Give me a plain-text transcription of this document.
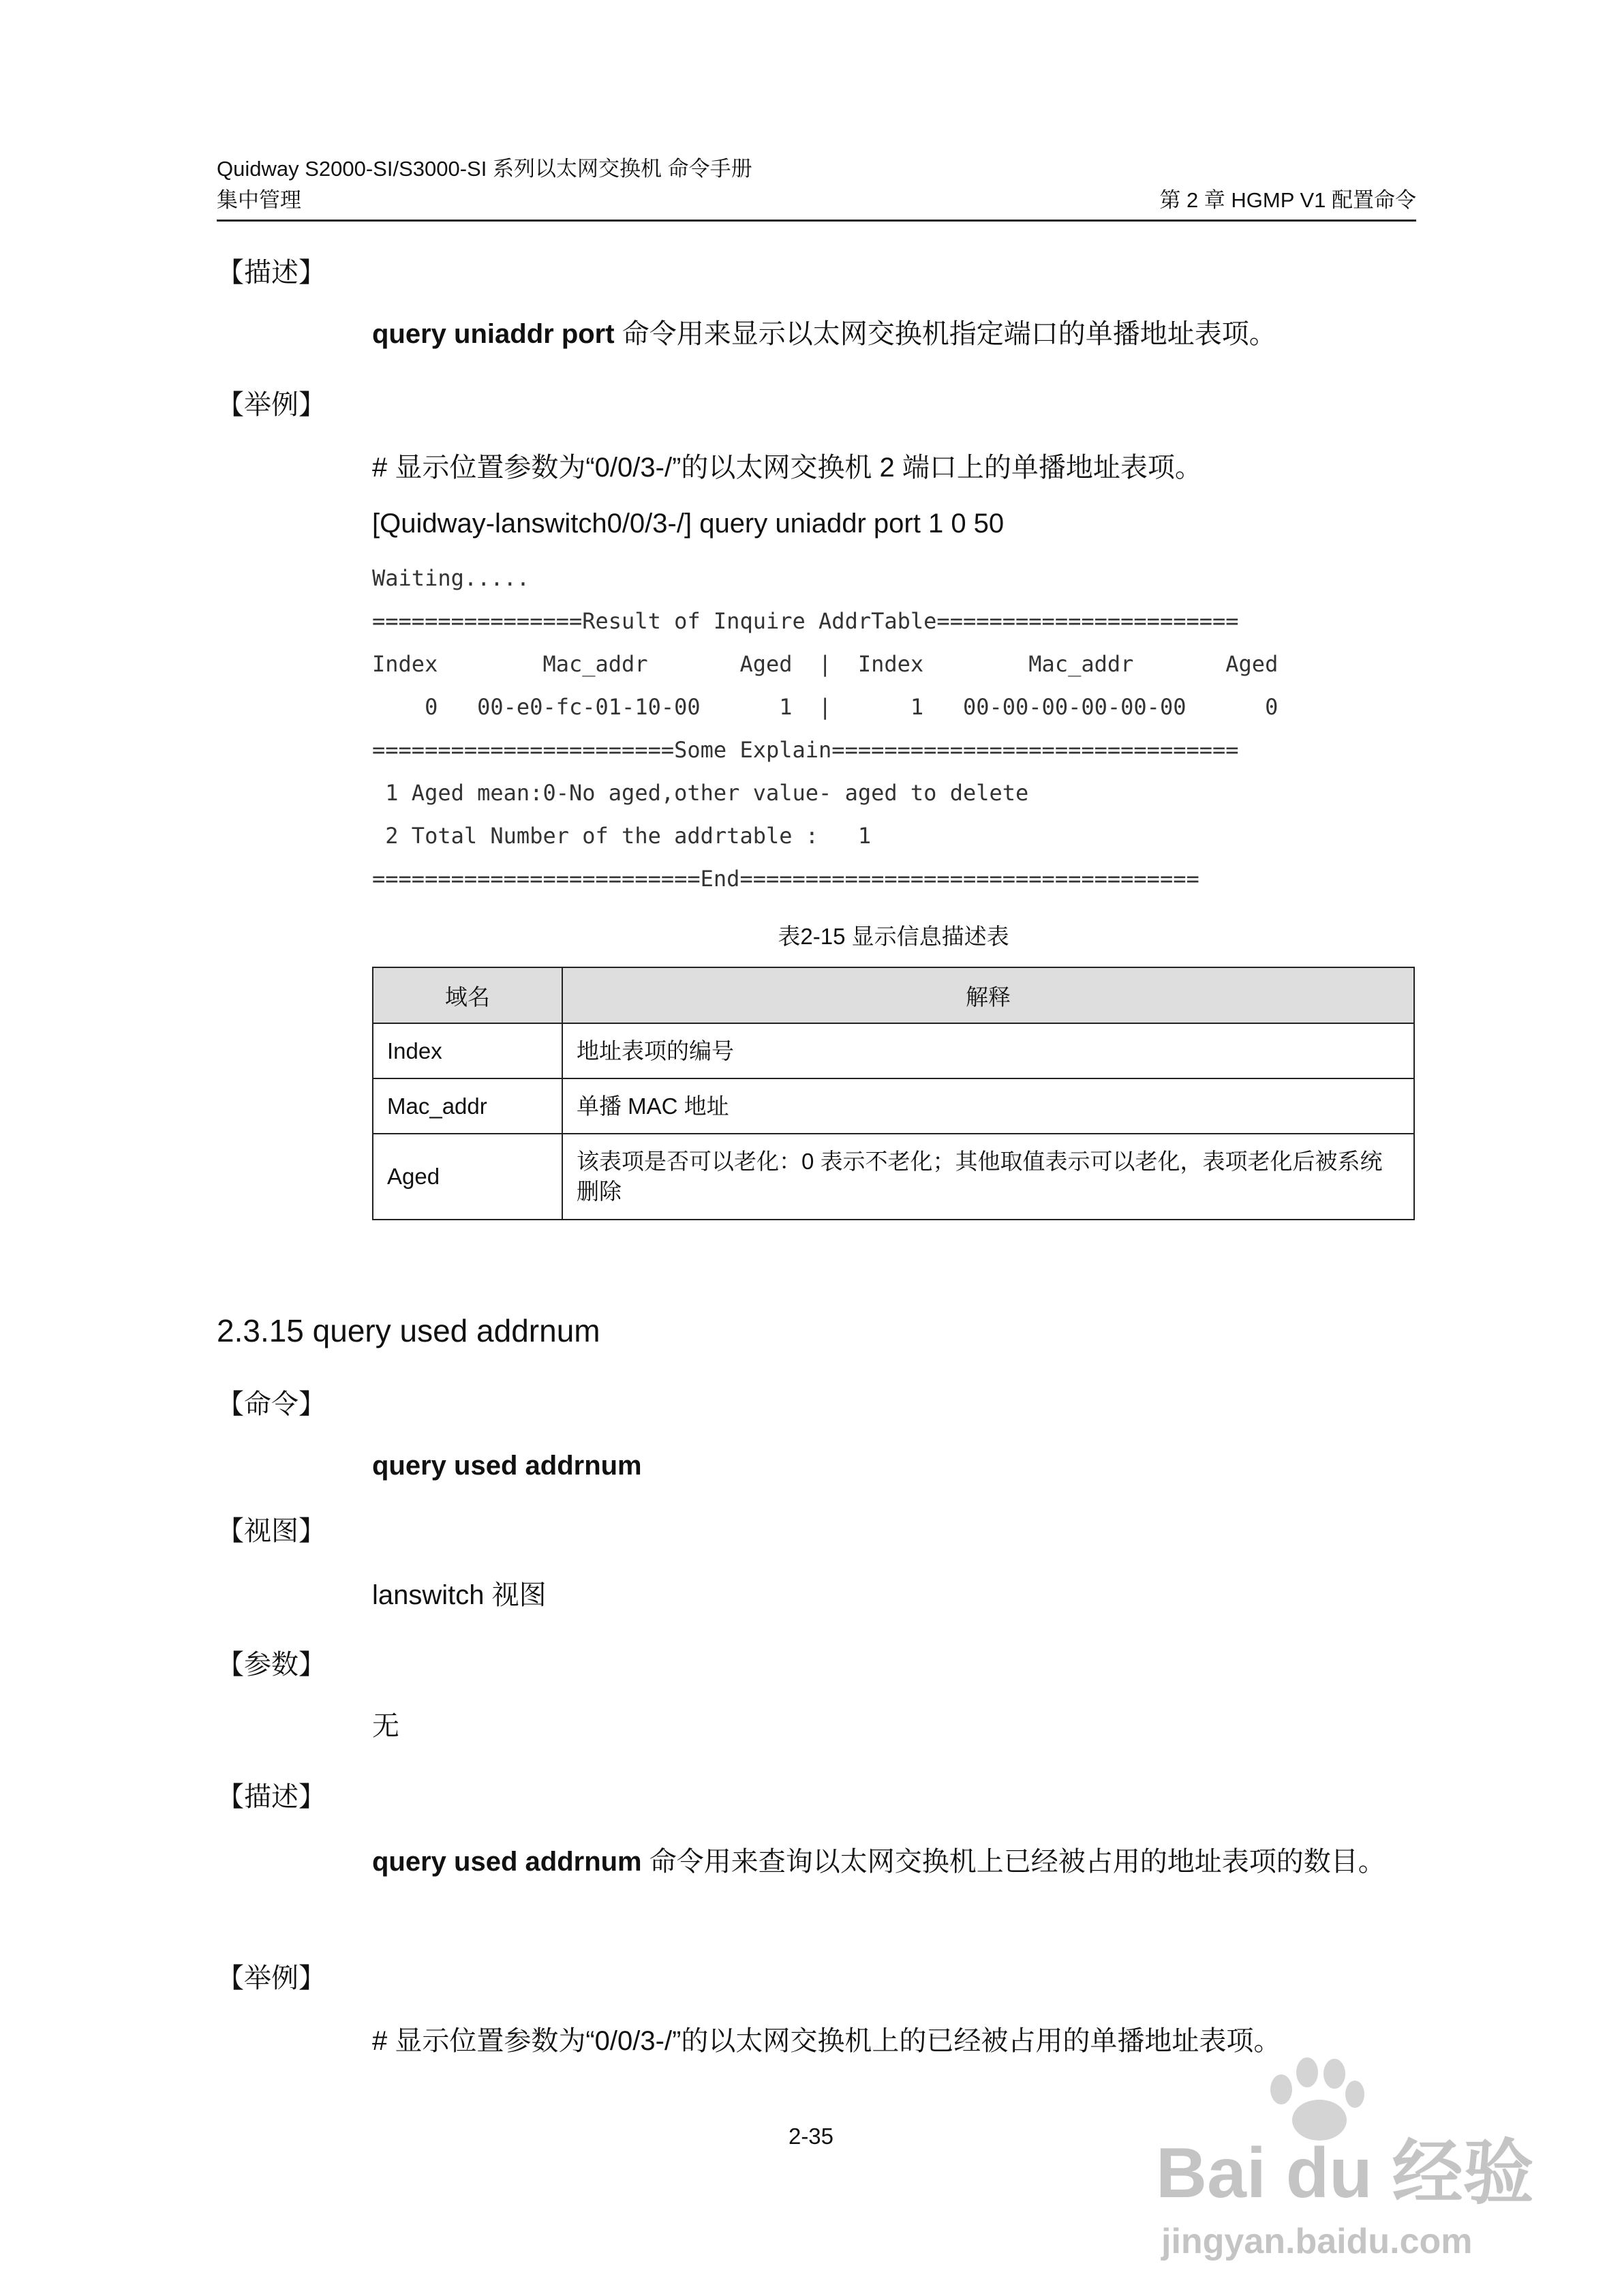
Quidway S2000-SI/S3000-SI 系列以太网交换机 命令手册
集中管理	第 2 章 HGMP V1 配置命令
【描述】
query uniaddr port 命令用来显示以太网交换机指定端口的单播地址表项。
【举例】
# 显示位置参数为“0/0/3-/”的以太网交换机 2 端口上的单播地址表项。
[Quidway-lanswitch0/0/3-/] query uniaddr port 1 0 50
Waiting.....
================Result of Inquire AddrTable=======================
Index        Mac_addr       Aged  |  Index        Mac_addr       Aged
0   00-e0-fc-01-10-00      1  |      1   00-00-00-00-00-00      0
=======================Some Explain===============================
1 Aged mean:0-No aged,other value- aged to delete
2 Total Number of the addrtable :   1
=========================End===================================
表2-15 显示信息描述表
域名	解释
Index	地址表项的编号
Mac_addr	单播 MAC 地址
Aged	该表项是否可以老化：0 表示不老化；其他取值表示可以老化，表项老化后被系统删除
2.3.15 query used addrnum
【命令】
query used addrnum
【视图】
lanswitch 视图
【参数】
无
【描述】
query used addrnum 命令用来查询以太网交换机上已经被占用的地址表项的数目。
【举例】
# 显示位置参数为“0/0/3-/”的以太网交换机上的已经被占用的单播地址表项。
2-35	Bai du 经验
jingyan.baidu.com
